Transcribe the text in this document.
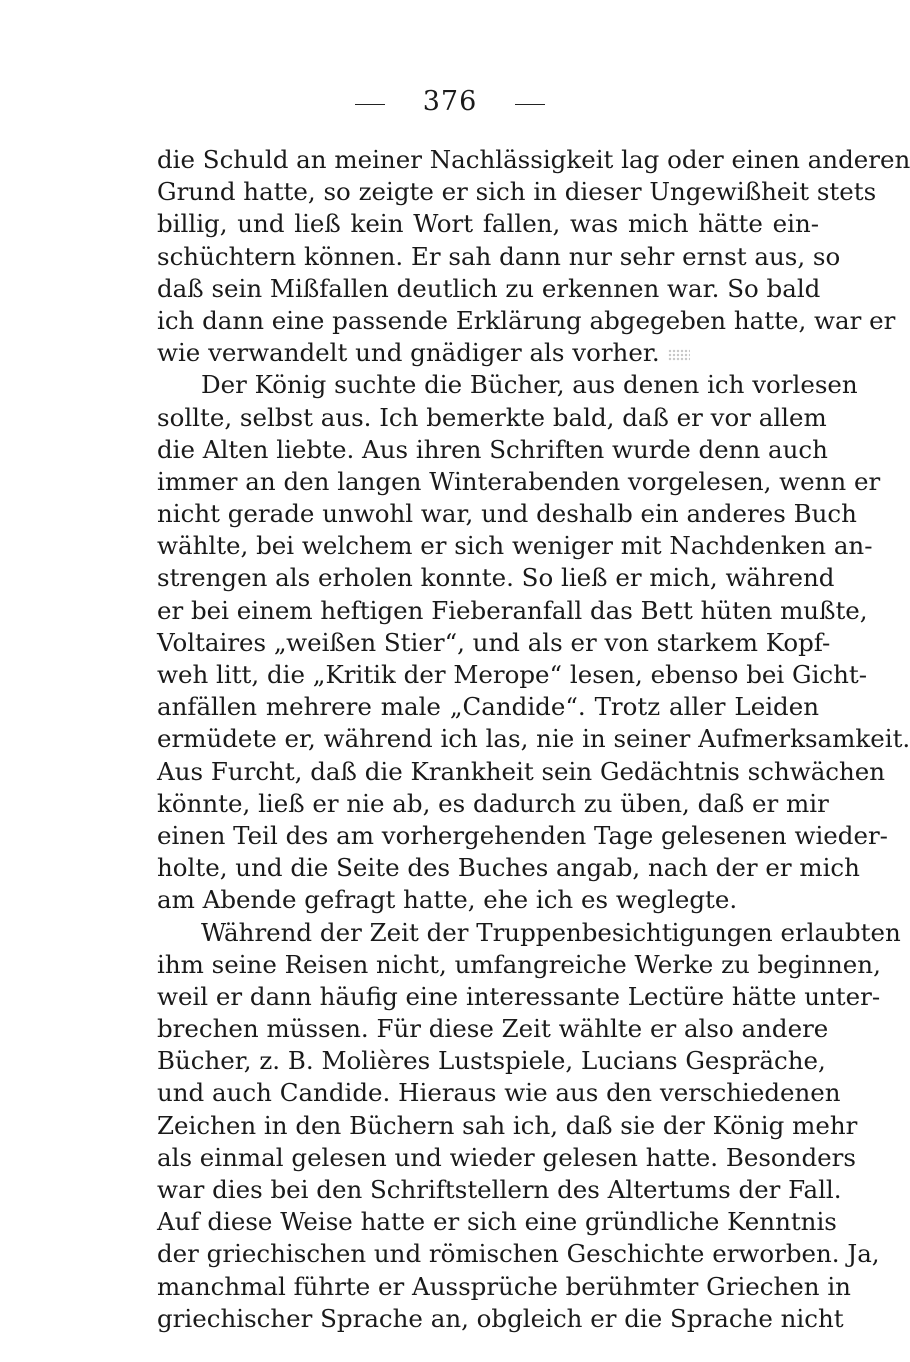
376
die Schuld an meiner Nachlässigkeit lag oder einen anderen
Grund hatte, so zeigte er sich in dieser Ungewißheit stets
billig, und ließ kein Wort fallen, was mich hätte ein-
schüchtern können. Er sah dann nur sehr ernst aus, so
daß sein Mißfallen deutlich zu erkennen war. So bald
ich dann eine passende Erklärung abgegeben hatte, war er
wie verwandelt und gnädiger als vorher.
Der König suchte die Bücher, aus denen ich vorlesen
sollte, selbst aus. Ich bemerkte bald, daß er vor allem
die Alten liebte. Aus ihren Schriften wurde denn auch
immer an den langen Winterabenden vorgelesen, wenn er
nicht gerade unwohl war, und deshalb ein anderes Buch
wählte, bei welchem er sich weniger mit Nachdenken an-
strengen als erholen konnte. So ließ er mich, während
er bei einem heftigen Fieberanfall das Bett hüten mußte,
Voltaires „weißen Stier“, und als er von starkem Kopf-
weh litt, die „Kritik der Merope“ lesen, ebenso bei Gicht-
anfällen mehrere male „Candide“. Trotz aller Leiden
ermüdete er, während ich las, nie in seiner Aufmerksamkeit.
Aus Furcht, daß die Krankheit sein Gedächtnis schwächen
könnte, ließ er nie ab, es dadurch zu üben, daß er mir
einen Teil des am vorhergehenden Tage gelesenen wieder-
holte, und die Seite des Buches angab, nach der er mich
am Abende gefragt hatte, ehe ich es weglegte.
Während der Zeit der Truppenbesichtigungen erlaubten
ihm seine Reisen nicht, umfangreiche Werke zu beginnen,
weil er dann häufig eine interessante Lectüre hätte unter-
brechen müssen. Für diese Zeit wählte er also andere
Bücher, z. B. Molières Lustspiele, Lucians Gespräche,
und auch Candide. Hieraus wie aus den verschiedenen
Zeichen in den Büchern sah ich, daß sie der König mehr
als einmal gelesen und wieder gelesen hatte. Besonders
war dies bei den Schriftstellern des Altertums der Fall.
Auf diese Weise hatte er sich eine gründliche Kenntnis
der griechischen und römischen Geschichte erworben. Ja,
manchmal führte er Aussprüche berühmter Griechen in
griechischer Sprache an, obgleich er die Sprache nicht
